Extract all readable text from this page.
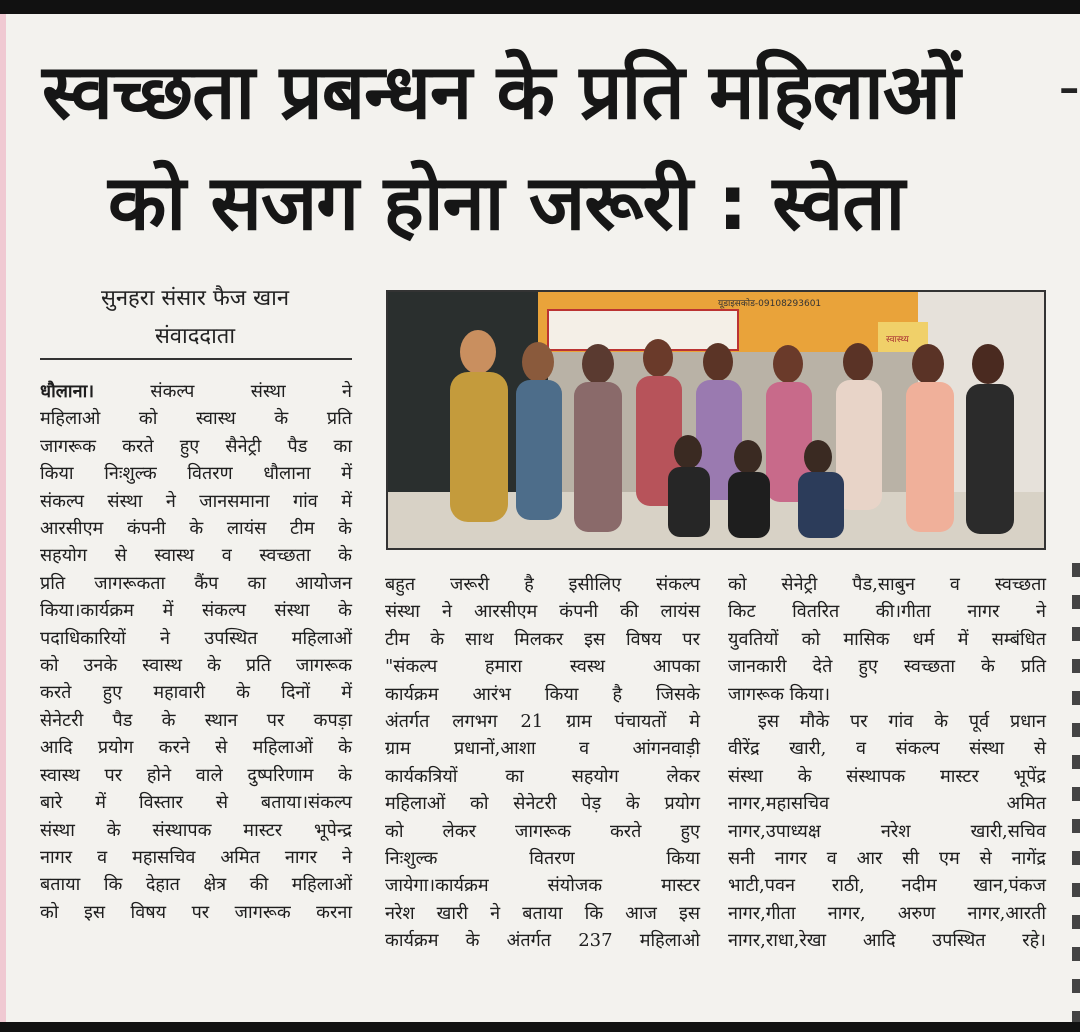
स्वच्छता प्रबन्धन के प्रति महिलाओं	-
को सजग होना जरूरी : स्वेता
सुनहरा संसार फैज खान
संवाददाता
यूडाइसकोड-09108293601
स्वास्थ्य
धौलाना।	संकल्प संस्था ने
महिलाओ को स्वास्थ के प्रति
जागरूक करते हुए सैनेट्री पैड का
किया निःशुल्क वितरण धौलाना में
संकल्प संस्था ने जानसमाना गांव में
आरसीएम कंपनी के लायंस टीम के
सहयोग से स्वास्थ व स्वच्छता के
प्रति जागरूकता कैंप का आयोजन
किया।कार्यक्रम में संकल्प संस्था के
पदाधिकारियों ने उपस्थित महिलाओं
को उनके स्वास्थ के प्रति जागरूक
करते हुए महावारी के दिनों में
सेनेटरी पैड के स्थान पर कपड़ा
आदि प्रयोग करने से महिलाओं के
स्वास्थ पर होने वाले दुष्परिणाम के
बारे में विस्तार से बताया।संकल्प
संस्था के संस्थापक मास्टर भूपेन्द्र
नागर व महासचिव अमित नागर ने
बताया कि देहात क्षेत्र की महिलाओं
को इस विषय पर जागरूक करना
बहुत जरूरी है इसीलिए संकल्प
संस्था ने आरसीएम कंपनी की लायंस
टीम के साथ मिलकर इस विषय पर
"संकल्प हमारा स्वस्थ आपका
कार्यक्रम आरंभ किया है जिसके
अंतर्गत लगभग 21 ग्राम पंचायतों मे
ग्राम प्रधानों,आशा व आंगनवाड़ी
कार्यकत्रियों का सहयोग लेकर
महिलाओं को सेनेटरी पेड़ के प्रयोग
को लेकर जागरूक करते हुए
निःशुल्क वितरण किया
जायेगा।कार्यक्रम संयोजक मास्टर
नरेश खारी ने बताया कि आज इस
कार्यक्रम के अंतर्गत 237 महिलाओ
को सेनेट्री पैड,साबुन व स्वच्छता
किट वितरित की।गीता नागर ने
युवतियों को मासिक धर्म में सम्बंधित
जानकारी देते हुए स्वच्छता के प्रति
जागरूक किया।
इस मौके पर गांव के पूर्व प्रधान
वीरेंद्र खारी, व संकल्प संस्था से
संस्था के संस्थापक मास्टर भूपेंद्र
नागर,महासचिव अमित
नागर,उपाध्यक्ष नरेश खारी,सचिव
सनी नागर व आर सी एम से नागेंद्र
भाटी,पवन राठी, नदीम खान,पंकज
नागर,गीता नागर, अरुण नागर,आरती
नागर,राधा,रेखा आदि उपस्थित रहे।
